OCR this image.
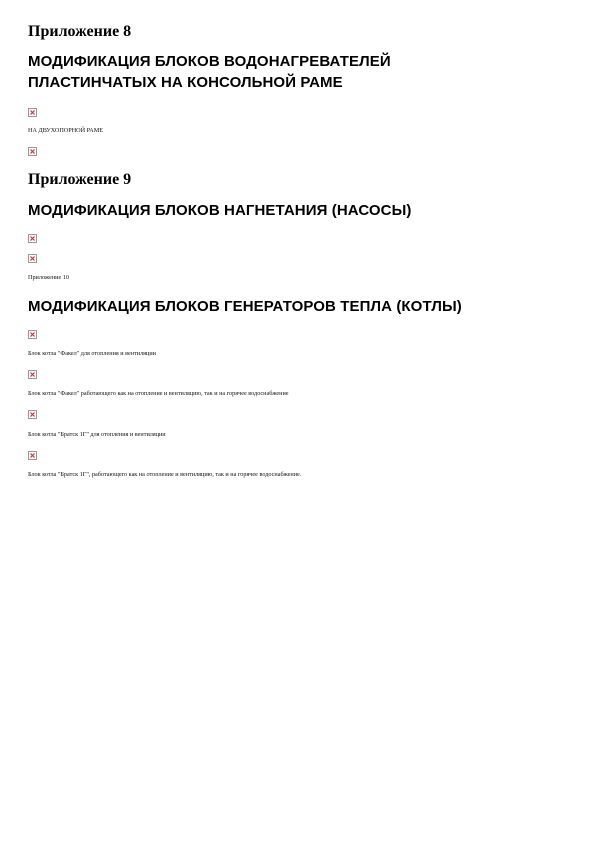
Приложение 8
МОДИФИКАЦИЯ БЛОКОВ ВОДОНАГРЕВАТЕЛЕЙ
ПЛАСТИНЧАТЫХ НА КОНСОЛЬНОЙ РАМЕ
НА ДВУХОПОРНОЙ РАМЕ
Приложение 9
МОДИФИКАЦИЯ БЛОКОВ НАГНЕТАНИЯ (НАСОСЫ)
Приложение 10
МОДИФИКАЦИЯ БЛОКОВ ГЕНЕРАТОРОВ ТЕПЛА (КОТЛЫ)
Блок котла "Факел" для отопления и вентиляции
Блок котла "Факел" работающего как на отопление и вентиляцию, так и на горячее водоснабжение
Блок котла "Братск 1Г" для отопления и вентиляции
Блок котла "Братск 1Г", работающего как на отопление и вентиляцию, так и на горячее водоснабжение.
